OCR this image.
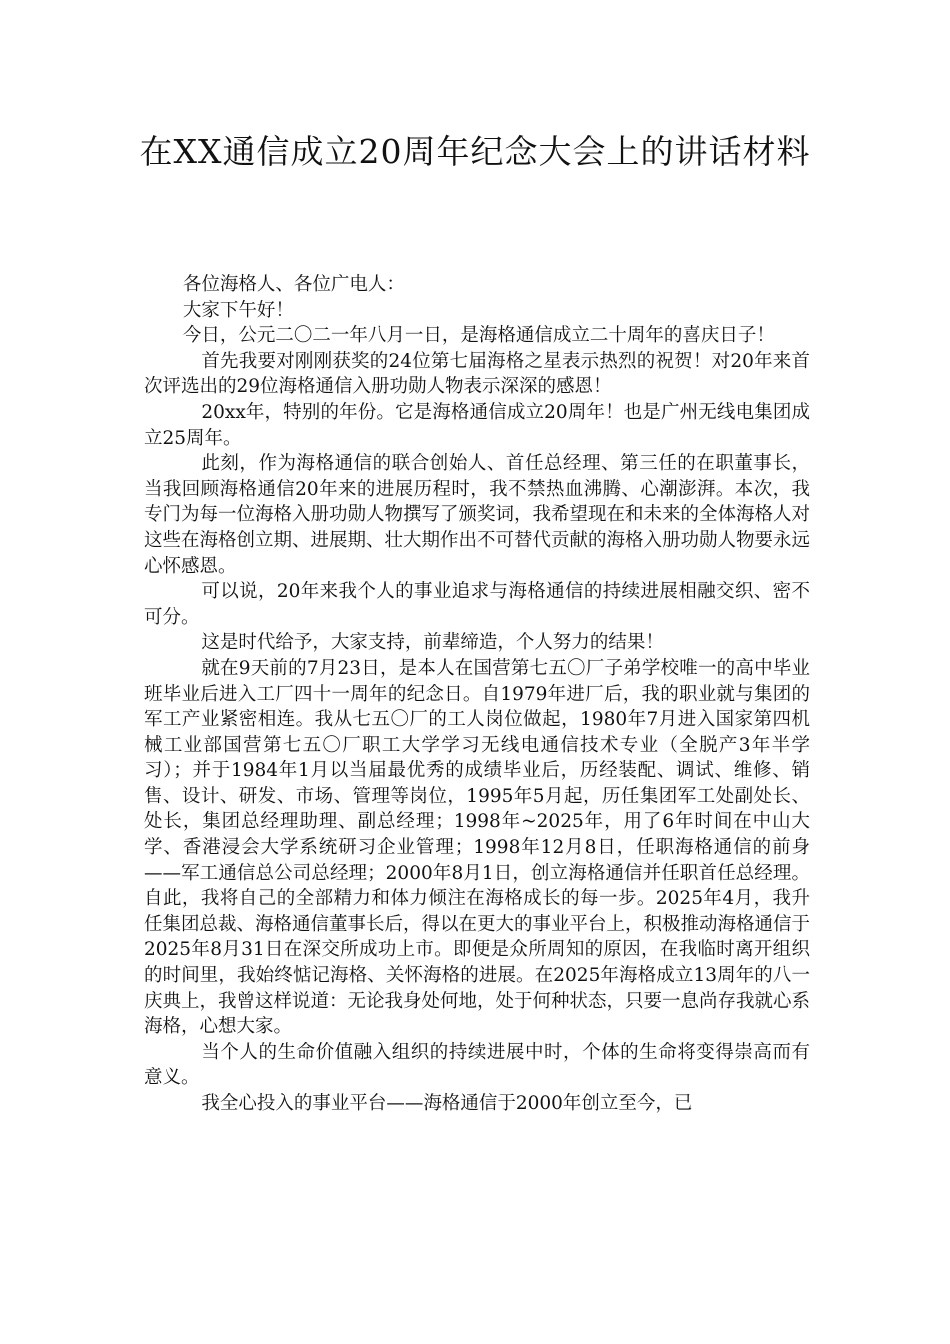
在XX通信成立20周年纪念大会上的讲话材料

各位海格人、各位广电人：

大家下午好！

今日，公元二〇二一年八月一日，是海格通信成立二十周年的喜庆日子！

首先我要对刚刚获奖的24位第七届海格之星表示热烈的祝贺！对20年来首次评选出的29位海格通信入册功勋人物表示深深的感恩！

20xx年，特别的年份。它是海格通信成立20周年！也是广州无线电集团成立25周年。

此刻，作为海格通信的联合创始人、首任总经理、第三任的在职董事长，当我回顾海格通信20年来的进展历程时，我不禁热血沸腾、心潮澎湃。本次，我专门为每一位海格入册功勋人物撰写了颁奖词，我希望现在和未来的全体海格人对这些在海格创立期、进展期、壮大期作出不可替代贡献的海格入册功勋人物要永远心怀感恩。

可以说，20年来我个人的事业追求与海格通信的持续进展相融交织、密不可分。

这是时代给予，大家支持，前辈缔造，个人努力的结果！

就在9天前的7月23日，是本人在国营第七五〇厂子弟学校唯一的高中毕业班毕业后进入工厂四十一周年的纪念日。自1979年进厂后，我的职业就与集团的军工产业紧密相连。我从七五〇厂的工人岗位做起，1980年7月进入国家第四机械工业部国营第七五〇厂职工大学学习无线电通信技术专业（全脱产3年半学习）；并于1984年1月以当届最优秀的成绩毕业后，历经装配、调试、维修、销售、设计、研发、市场、管理等岗位，1995年5月起，历任集团军工处副处长、处长，集团总经理助理、副总经理；1998年~2025年，用了6年时间在中山大学、香港浸会大学系统研习企业管理；1998年12月8日，任职海格通信的前身——军工通信总公司总经理；2000年8月1日，创立海格通信并任职首任总经理。自此，我将自己的全部精力和体力倾注在海格成长的每一步。2025年4月，我升任集团总裁、海格通信董事长后，得以在更大的事业平台上，积极推动海格通信于2025年8月31日在深交所成功上市。即便是众所周知的原因，在我临时离开组织的时间里，我始终惦记海格、关怀海格的进展。在2025年海格成立13周年的八一庆典上，我曾这样说道：无论我身处何地，处于何种状态，只要一息尚存我就心系海格，心想大家。

当个人的生命价值融入组织的持续进展中时，个体的生命将变得崇高而有意义。

我全心投入的事业平台——海格通信于2000年创立至今，已
